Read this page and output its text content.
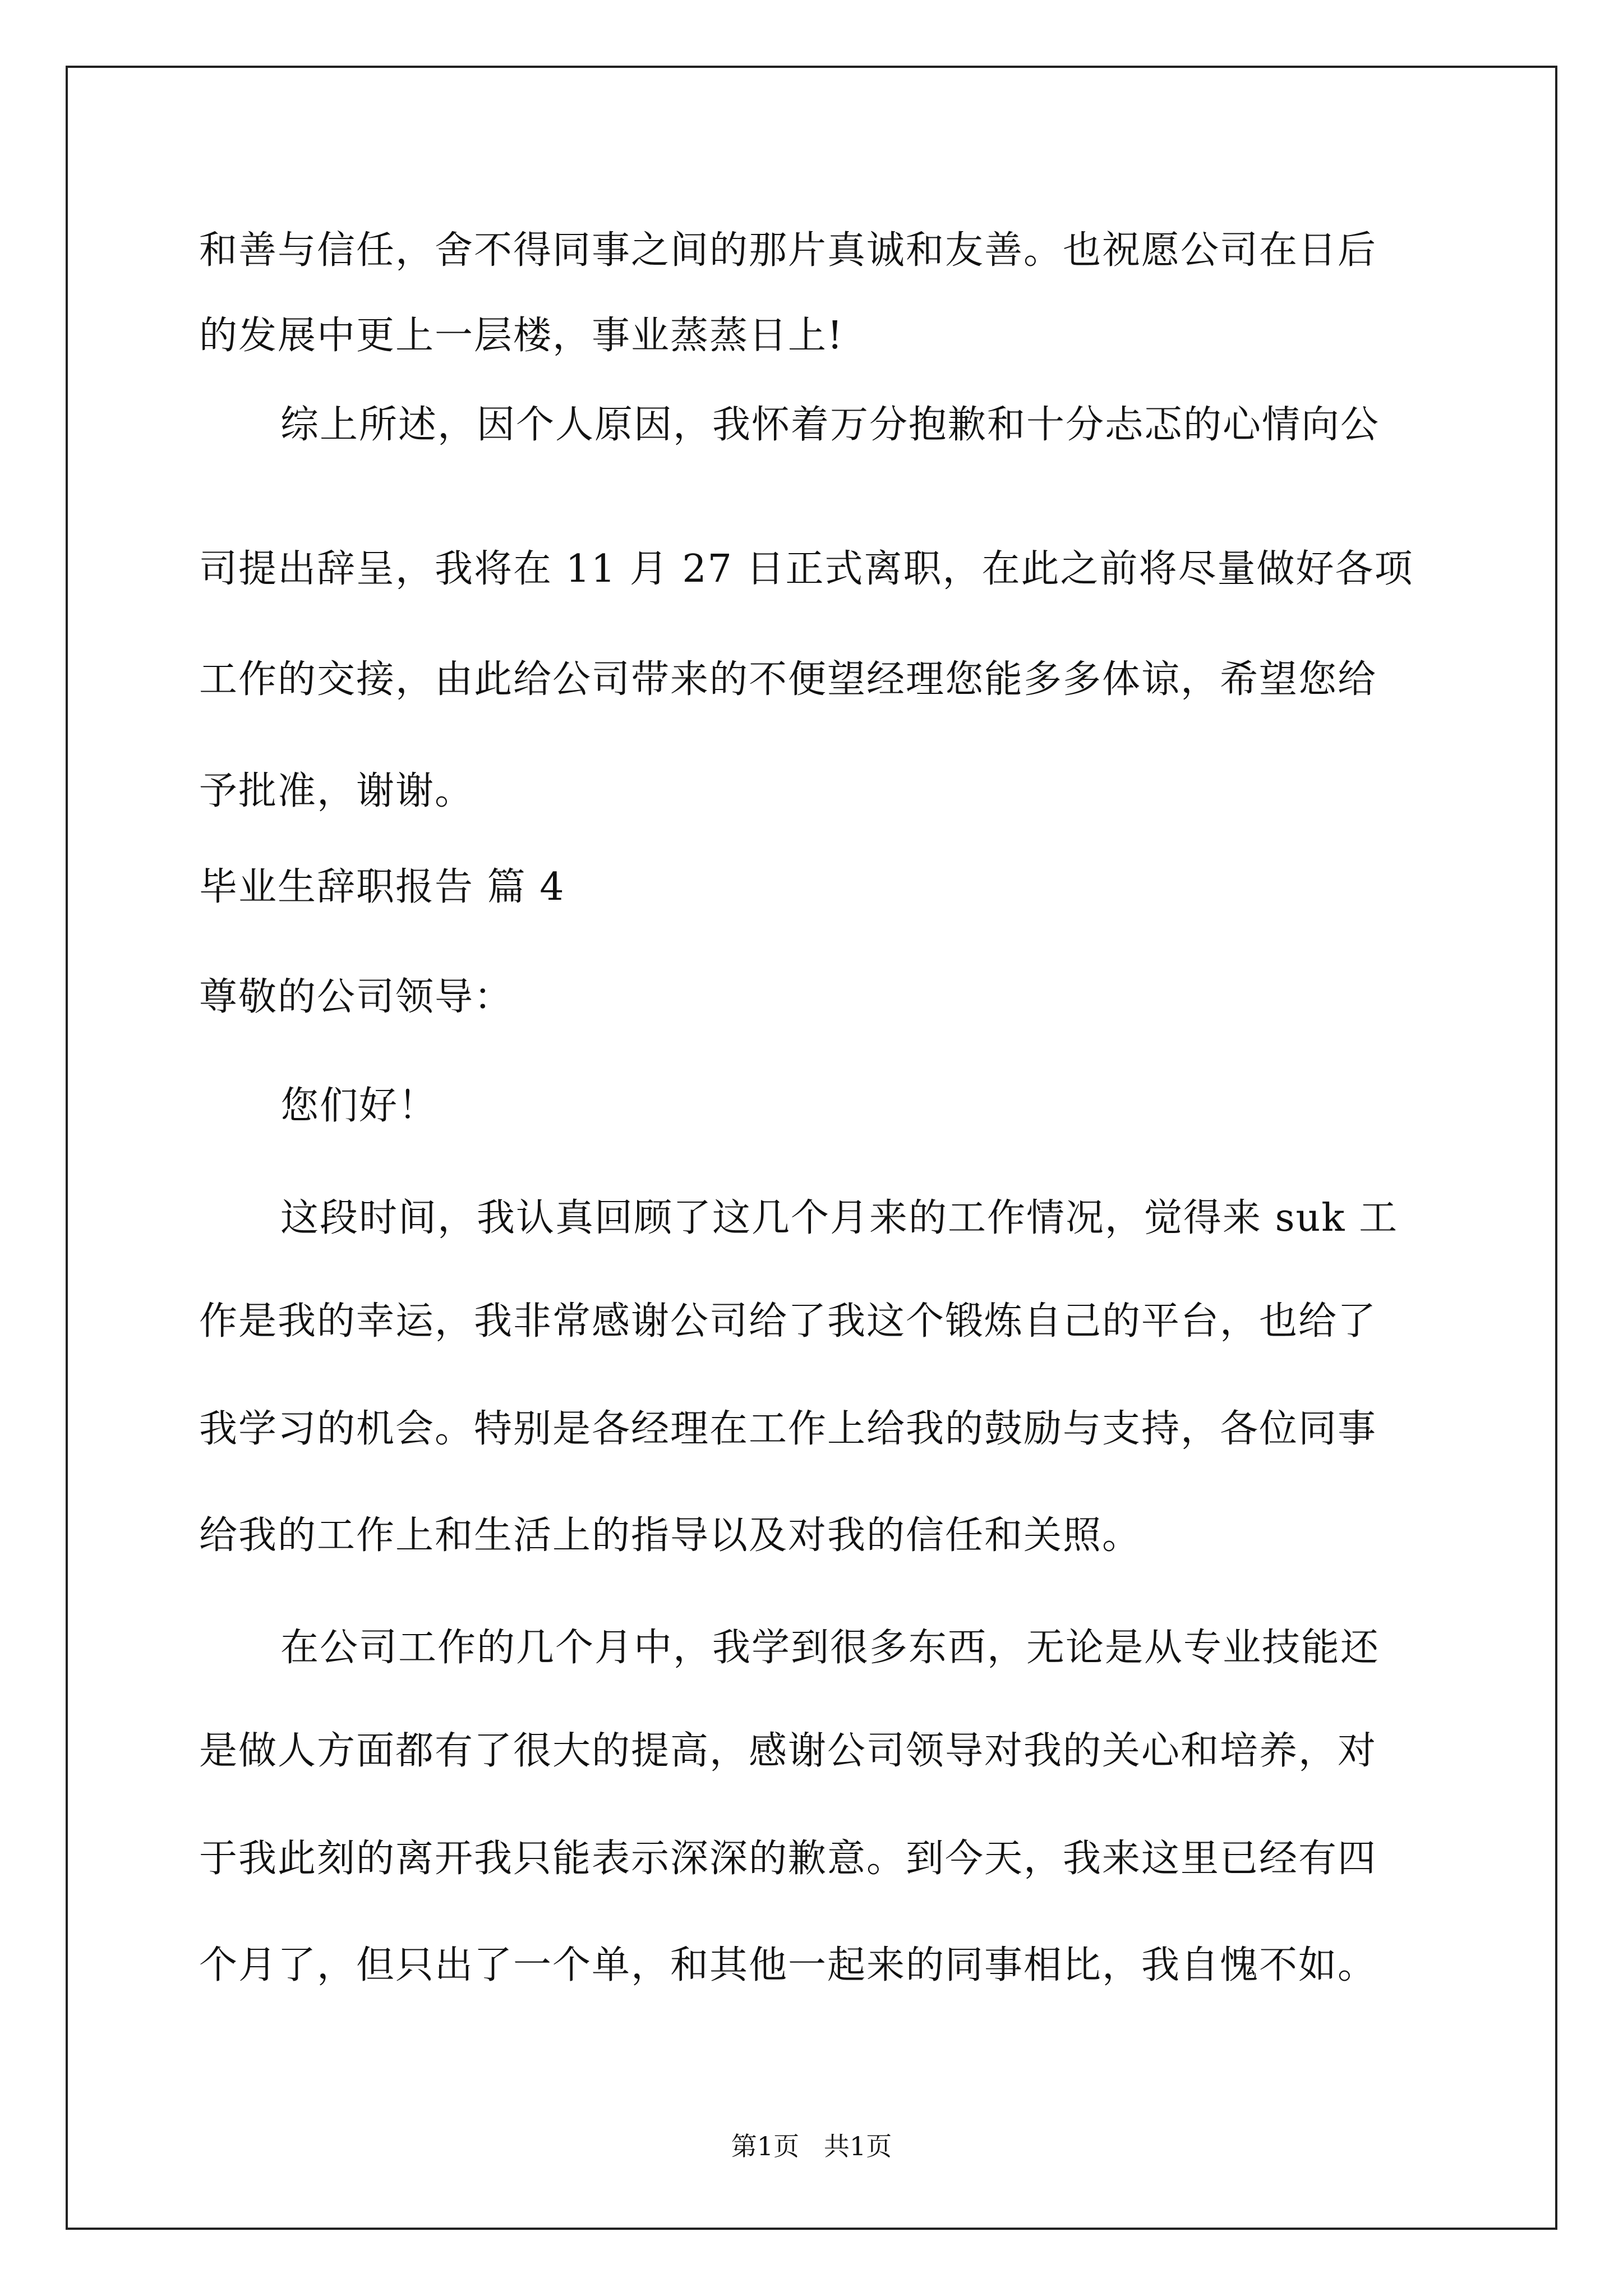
和善与信任，舍不得同事之间的那片真诚和友善。也祝愿公司在日后
的发展中更上一层楼，事业蒸蒸日上!
综上所述，因个人原因，我怀着万分抱歉和十分忐忑的心情向公
司提出辞呈，我将在 11 月 27 日正式离职，在此之前将尽量做好各项
工作的交接，由此给公司带来的不便望经理您能多多体谅，希望您给
予批准，谢谢。
毕业生辞职报告 篇 4
尊敬的公司领导：
您们好！
这段时间，我认真回顾了这几个月来的工作情况，觉得来 suk 工
作是我的幸运，我非常感谢公司给了我这个锻炼自己的平台，也给了
我学习的机会。特别是各经理在工作上给我的鼓励与支持，各位同事
给我的工作上和生活上的指导以及对我的信任和关照。
在公司工作的几个月中，我学到很多东西，无论是从专业技能还
是做人方面都有了很大的提高，感谢公司领导对我的关心和培养，对
于我此刻的离开我只能表示深深的歉意。到今天，我来这里已经有四
个月了，但只出了一个单，和其他一起来的同事相比，我自愧不如。
第1页   共1页
